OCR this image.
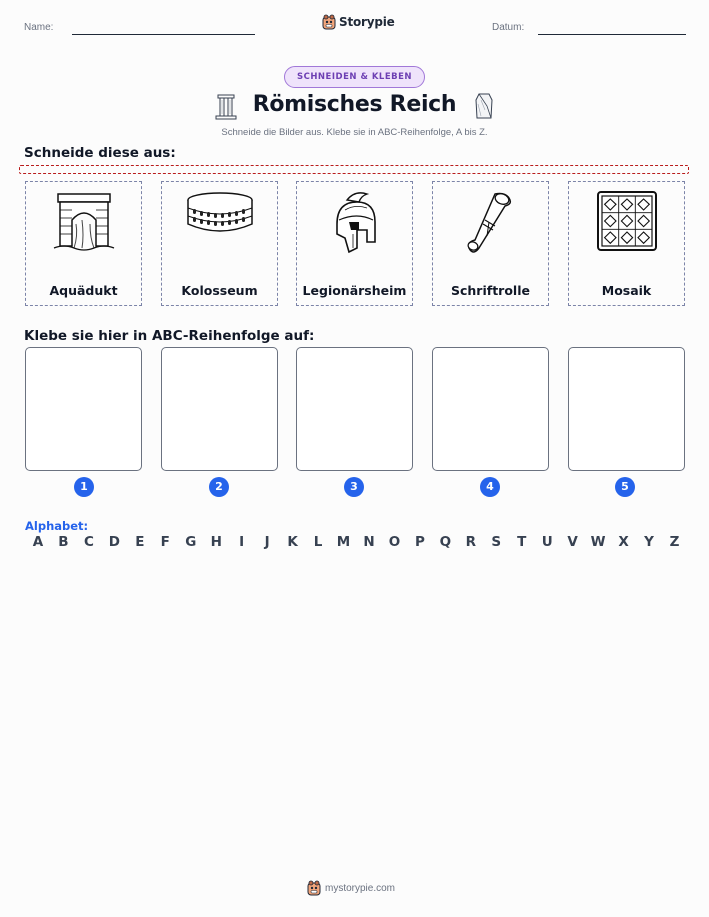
Name:	Storypie	Datum:
SCHNEIDEN & KLEBEN
Römisches Reich
Schneide die Bilder aus. Klebe sie in ABC-Reihenfolge, A bis Z.
Schneide diese aus:
Aquädukt	Kolosseum	Legionärsheim	Schriftrolle	Mosaik
Klebe sie hier in ABC-Reihenfolge auf:
1	2	3	4	5
Alphabet:
A B C D E F G H	I	J	K L M N O P Q R S T U V W X Y Z
mystorypie.com
